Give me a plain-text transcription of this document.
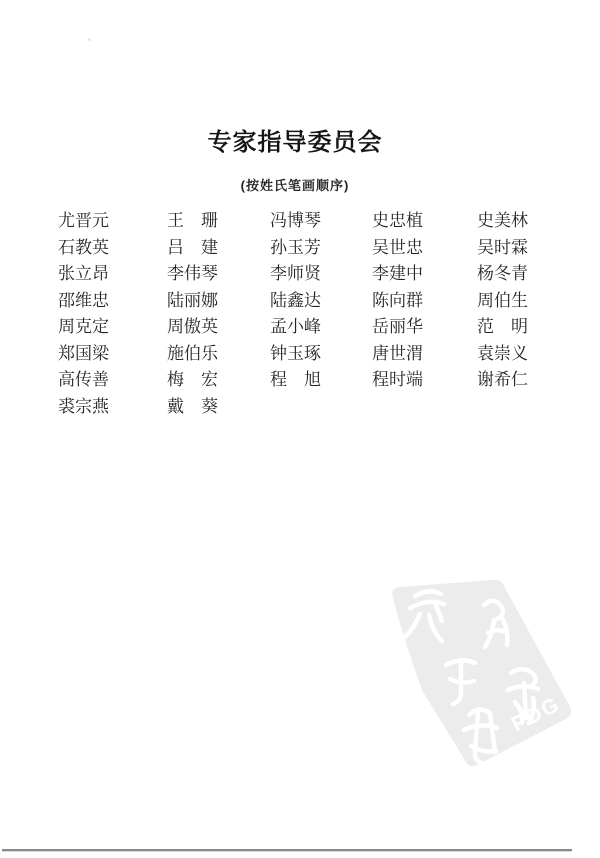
专家指导委员会
(按姓氏笔画顺序)
尤晋元
石教英
张立昂
邵维忠
周克定
郑国梁
高传善
裘宗燕
王　珊
吕　建
李伟琴
陆丽娜
周傲英
施伯乐
梅　宏
戴　葵
冯博琴
孙玉芳
李师贤
陆鑫达
孟小峰
钟玉琢
程　旭
史忠植
吴世忠
李建中
陈向群
岳丽华
唐世渭
程时端
史美林
吴时霖
杨冬青
周伯生
范　明
袁崇义
谢希仁
PDG
